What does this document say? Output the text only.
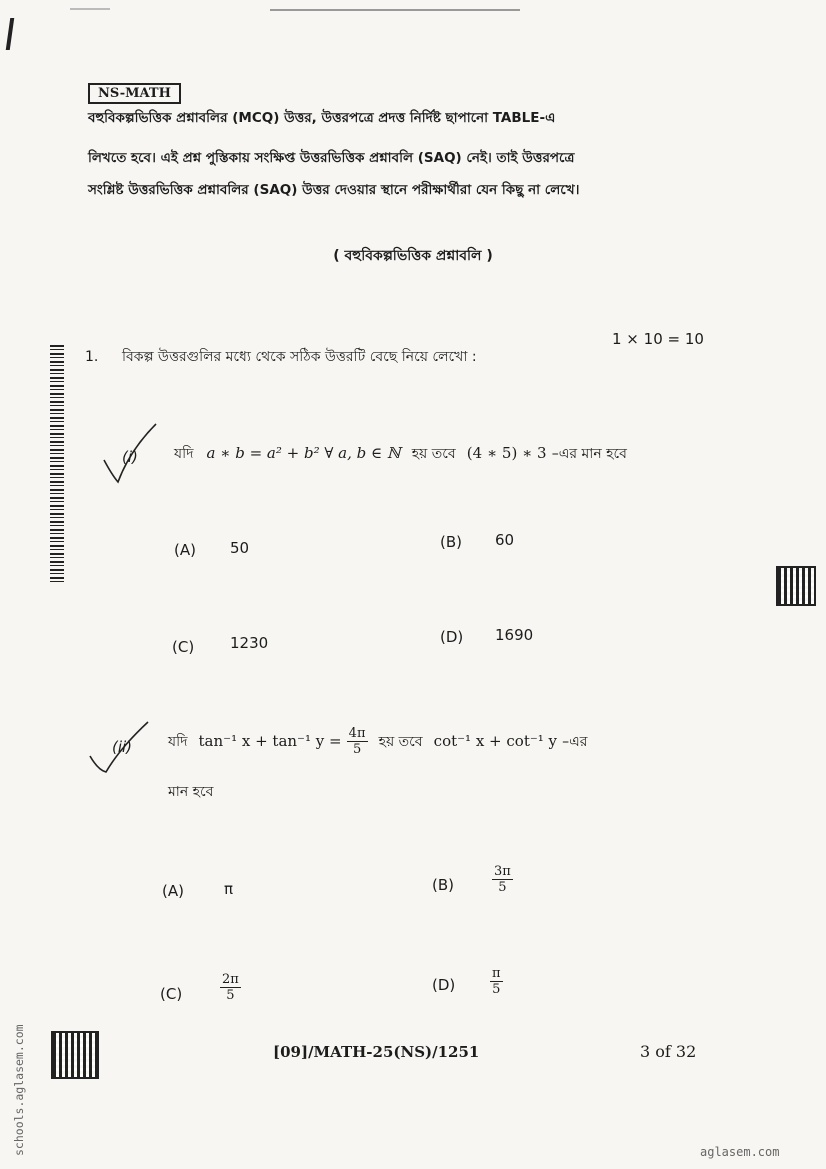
NS-MATH
বহুবিকল্পভিত্তিক প্রশ্নাবলির (MCQ) উত্তর, উত্তরপত্রে প্রদত্ত নির্দিষ্ট ছাপানো TABLE-এ
লিখতে হবে। এই প্রশ্ন পুস্তিকায় সংক্ষিপ্ত উত্তরভিত্তিক প্রশ্নাবলি (SAQ) নেই। তাই উত্তরপত্রে
সংশ্লিষ্ট উত্তরভিত্তিক প্রশ্নাবলির (SAQ) উত্তর দেওয়ার স্থানে পরীক্ষার্থীরা যেন কিছু না লেখে।
( বহুবিকল্পভিত্তিক প্রশ্নাবলি )
1. বিকল্প উত্তরগুলির মধ্যে থেকে সঠিক উত্তরটি বেছে নিয়ে লেখো :
1 × 10 = 10
(i)	যদি a ∗ b = a² + b² ∀ a, b ∈ ℕ হয় তবে (4 ∗ 5) ∗ 3 –এর মান হবে
(A) 50	(B) 60
(C) 1230	(D) 1690
(ii)	যদি tan⁻¹ x + tan⁻¹ $y = \frac{4\pi}{5}$ হয় তবে cot⁻¹ x + cot⁻¹ y –এর
মান হবে
(A)	π	(B)	$\frac{3\pi}{5}$
(C)	$\frac{2\pi}{5}$	(D)	$\frac{\pi}{5}$
[09]/MATH-25(NS)/1251	3 of 32
schools.aglasem.com	aglasem.com
